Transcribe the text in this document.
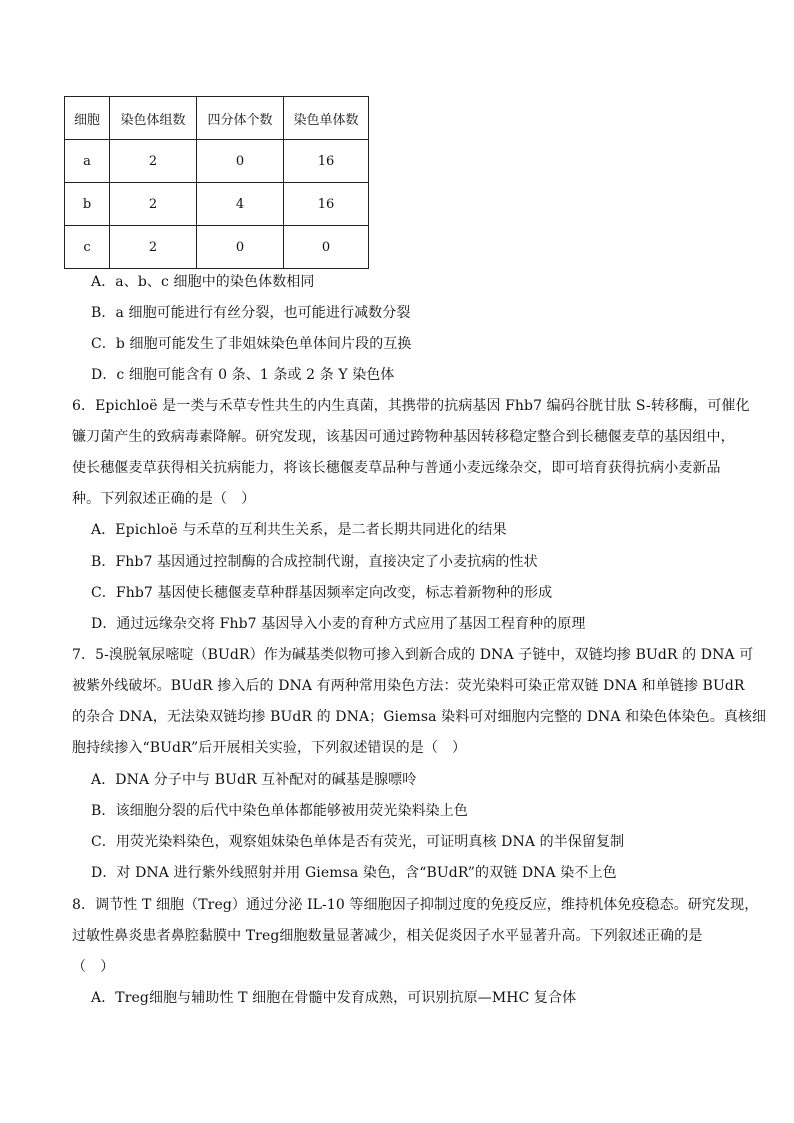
细胞	染色体组数	四分体个数	染色单体数
a	2	0	16
b	2	4	16
c	2	0	0
A．a、b、c 细胞中的染色体数相同
B．a 细胞可能进行有丝分裂，也可能进行减数分裂
C．b 细胞可能发生了非姐妹染色单体间片段的互换
D．c 细胞可能含有 0 条、1 条或 2 条 Y 染色体
6．Epichloë 是一类与禾草专性共生的内生真菌，其携带的抗病基因 Fhb7 编码谷胱甘肽 S-转移酶，可催化
镰刀菌产生的致病毒素降解。研究发现，该基因可通过跨物种基因转移稳定整合到长穗偃麦草的基因组中，
使长穗偃麦草获得相关抗病能力，将该长穗偃麦草品种与普通小麦远缘杂交，即可培育获得抗病小麦新品
种。下列叙述正确的是（　）
A．Epichloë 与禾草的互利共生关系，是二者长期共同进化的结果
B．Fhb7 基因通过控制酶的合成控制代谢，直接决定了小麦抗病的性状
C．Fhb7 基因使长穗偃麦草种群基因频率定向改变，标志着新物种的形成
D．通过远缘杂交将 Fhb7 基因导入小麦的育种方式应用了基因工程育种的原理
7．5-溴脱氧尿嘧啶（BUdR）作为碱基类似物可掺入到新合成的 DNA 子链中，双链均掺 BUdR 的 DNA 可
被紫外线破坏。BUdR 掺入后的 DNA 有两种常用染色方法：荧光染料可染正常双链 DNA 和单链掺 BUdR
的杂合 DNA，无法染双链均掺 BUdR 的 DNA；Giemsa 染料可对细胞内完整的 DNA 和染色体染色。真核细
胞持续掺入“BUdR”后开展相关实验，下列叙述错误的是（　）
A．DNA 分子中与 BUdR 互补配对的碱基是腺嘌呤
B．该细胞分裂的后代中染色单体都能够被用荧光染料染上色
C．用荧光染料染色，观察姐妹染色单体是否有荧光，可证明真核 DNA 的半保留复制
D．对 DNA 进行紫外线照射并用 Giemsa 染色，含“BUdR”的双链 DNA 染不上色
8．调节性 T 细胞（Treg）通过分泌 IL-10 等细胞因子抑制过度的免疫反应，维持机体免疫稳态。研究发现，
过敏性鼻炎患者鼻腔黏膜中 Treg细胞数量显著减少，相关促炎因子水平显著升高。下列叙述正确的是
（　）
A．Treg细胞与辅助性 T 细胞在骨髓中发育成熟，可识别抗原—MHC 复合体
